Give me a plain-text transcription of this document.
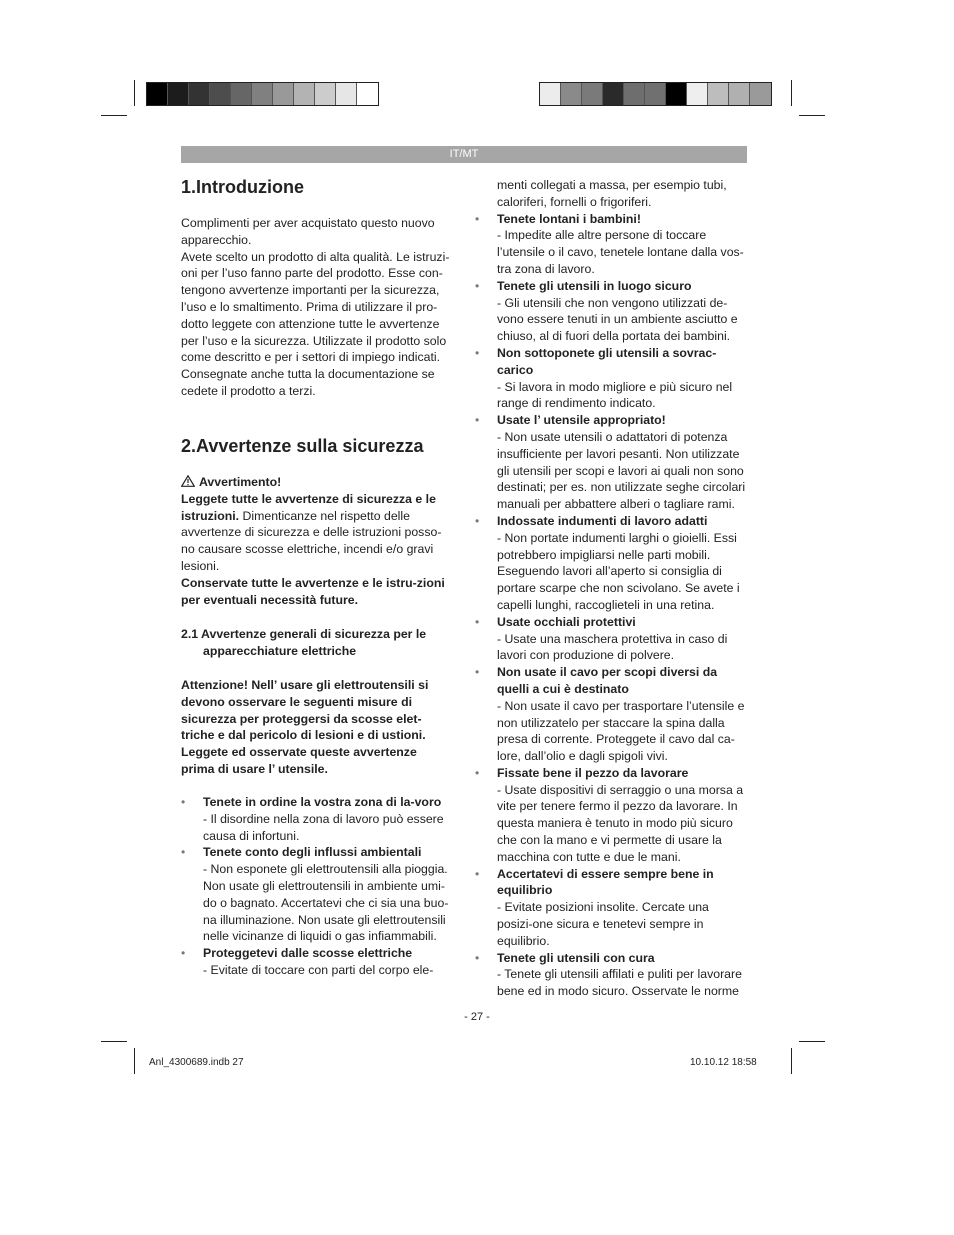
IT/MT
1.Introduzione

Complimenti per aver acquistato questo nuovo apparecchio.

Avete scelto un prodotto di alta qualità. Le istruzi-oni per l’uso fanno parte del prodotto. Esse con-tengono avvertenze importanti per la sicurezza, l’uso e lo smaltimento. Prima di utilizzare il pro-dotto leggete con attenzione tutte le avvertenze per l’uso e la sicurezza. Utilizzate il prodotto solo come descritto e per i settori di impiego indicati. Consegnate anche tutta la documentazione se cedete il prodotto a terzi.

2.Avvertenze sulla sicurezza

Avvertimento!

Leggete tutte le avvertenze di sicurezza e le istruzioni. Dimenticanze nel rispetto delle avvertenze di sicurezza e delle istruzioni posso-no causare scosse elettriche, incendi e/o gravi lesioni.

Conservate tutte le avvertenze e le istru-zioni per eventuali necessità future.

2.1 Avvertenze generali di sicurezza per le apparecchiature elettriche
Attenzione! Nell’ usare gli elettroutensili si devono osservare le seguenti misure di sicurezza per proteggersi da scosse elet-triche e dal pericolo di lesioni e di ustioni. Leggete ed osservate queste avvertenze prima di usare l’ utensile.
• Tenete in ordine la vostra zona di la-voro
- Il disordine nella zona di lavoro può essere causa di infortuni.
• Tenete conto degli influssi ambientali
- Non esponete gli elettroutensili alla pioggia. Non usate gli elettroutensili in ambiente umi-do o bagnato. Accertatevi che ci sia una buo-na illuminazione. Non usate gli elettroutensili nelle vicinanze di liquidi o gas infiammabili.
• Proteggetevi dalle scosse elettriche
- Evitate di toccare con parti del corpo ele-

menti collegati a massa, per esempio tubi, caloriferi, fornelli o frigoriferi.

• Tenete lontani i bambini!
- Impedite alle altre persone di toccare l’utensile o il cavo, tenetele lontane dalla vos-tra zona di lavoro.
• Tenete gli utensili in luogo sicuro
- Gli utensili che non vengono utilizzati de-vono essere tenuti in un ambiente asciutto e chiuso, al di fuori della portata dei bambini.
• Non sottoponete gli utensili a sovrac-carico
- Si lavora in modo migliore e più sicuro nel range di rendimento indicato.
• Usate l’ utensile appropriato!
- Non usate utensili o adattatori di potenza insufficiente per lavori pesanti. Non utilizzate gli utensili per scopi e lavori ai quali non sono destinati; per es. non utilizzate seghe circolari manuali per abbattere alberi o tagliare rami.
• Indossate indumenti di lavoro adatti
- Non portate indumenti larghi o gioielli. Essi potrebbero impigliarsi nelle parti mobili. Eseguendo lavori all’aperto si consiglia di portare scarpe che non scivolano. Se avete i capelli lunghi, raccoglieteli in una retina.
• Usate occhiali protettivi
- Usate una maschera protettiva in caso di lavori con produzione di polvere.
• Non usate il cavo per scopi diversi da quelli a cui è destinato
- Non usate il cavo per trasportare l’utensile e non utilizzatelo per staccare la spina dalla presa di corrente. Proteggete il cavo dal ca-lore, dall’olio e dagli spigoli vivi.
• Fissate bene il pezzo da lavorare
- Usate dispositivi di serraggio o una morsa a vite per tenere fermo il pezzo da lavorare. In questa maniera è tenuto in modo più sicuro che con la mano e vi permette di usare la macchina con tutte e due le mani.
• Accertatevi di essere sempre bene in equilibrio
- Evitate posizioni insolite. Cercate una posizi-one sicura e tenetevi sempre in equilibrio.
• Tenete gli utensili con cura
- Tenete gli utensili affilati e puliti per lavorare bene ed in modo sicuro. Osservate le norme
- 27 -
Anl_4300689.indb 27	10.10.12 18:58
